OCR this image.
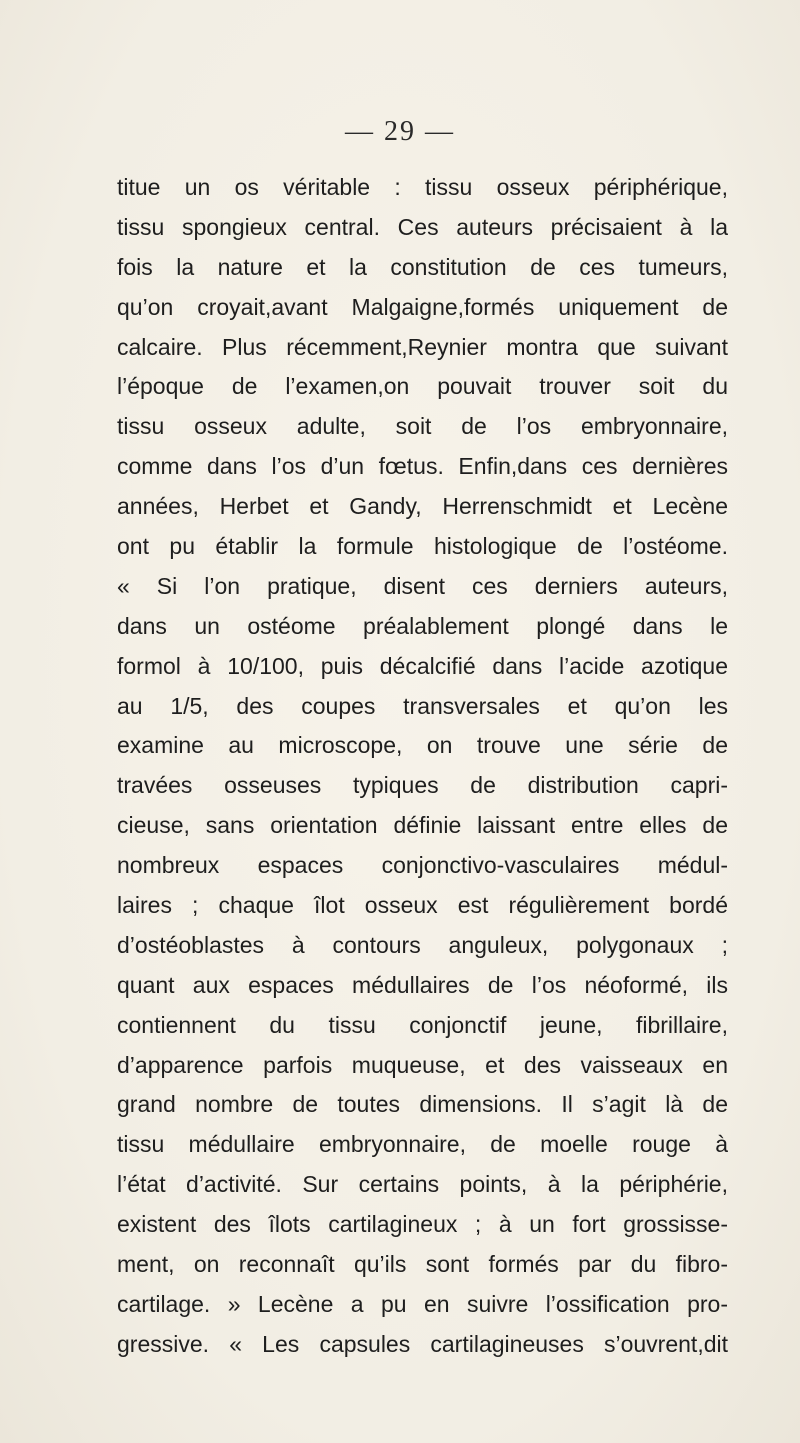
— 29 —
titue un os véritable : tissu osseux périphérique,
tissu spongieux central. Ces auteurs précisaient à la
fois la nature et la constitution de ces tumeurs,
qu’on croyait,avant Malgaigne,formés uniquement de
calcaire. Plus récemment,Reynier montra que suivant
l’époque de l’examen,on pouvait trouver soit du
tissu osseux adulte, soit de l’os embryonnaire,
comme dans l’os d’un fœtus. Enfin,dans ces dernières
années, Herbet et Gandy, Herrenschmidt et Lecène
ont pu établir la formule histologique de l’ostéome.
« Si l’on pratique, disent ces derniers auteurs,
dans un ostéome préalablement plongé dans le
formol à 10/100, puis décalcifié dans l’acide azotique
au 1/5, des coupes transversales et qu’on les
examine au microscope, on trouve une série de
travées osseuses typiques de distribution capri-
cieuse, sans orientation définie laissant entre elles de
nombreux espaces conjonctivo-vasculaires médul-
laires ; chaque îlot osseux est régulièrement bordé
d’ostéoblastes à contours anguleux, polygonaux ;
quant aux espaces médullaires de l’os néoformé, ils
contiennent du tissu conjonctif jeune, fibrillaire,
d’apparence parfois muqueuse, et des vaisseaux en
grand nombre de toutes dimensions. Il s’agit là de
tissu médullaire embryonnaire, de moelle rouge à
l’état d’activité. Sur certains points, à la périphérie,
existent des îlots cartilagineux ; à un fort grossisse-
ment, on reconnaît qu’ils sont formés par du fibro-
cartilage. » Lecène a pu en suivre l’ossification pro-
gressive. « Les capsules cartilagineuses s’ouvrent,dit
